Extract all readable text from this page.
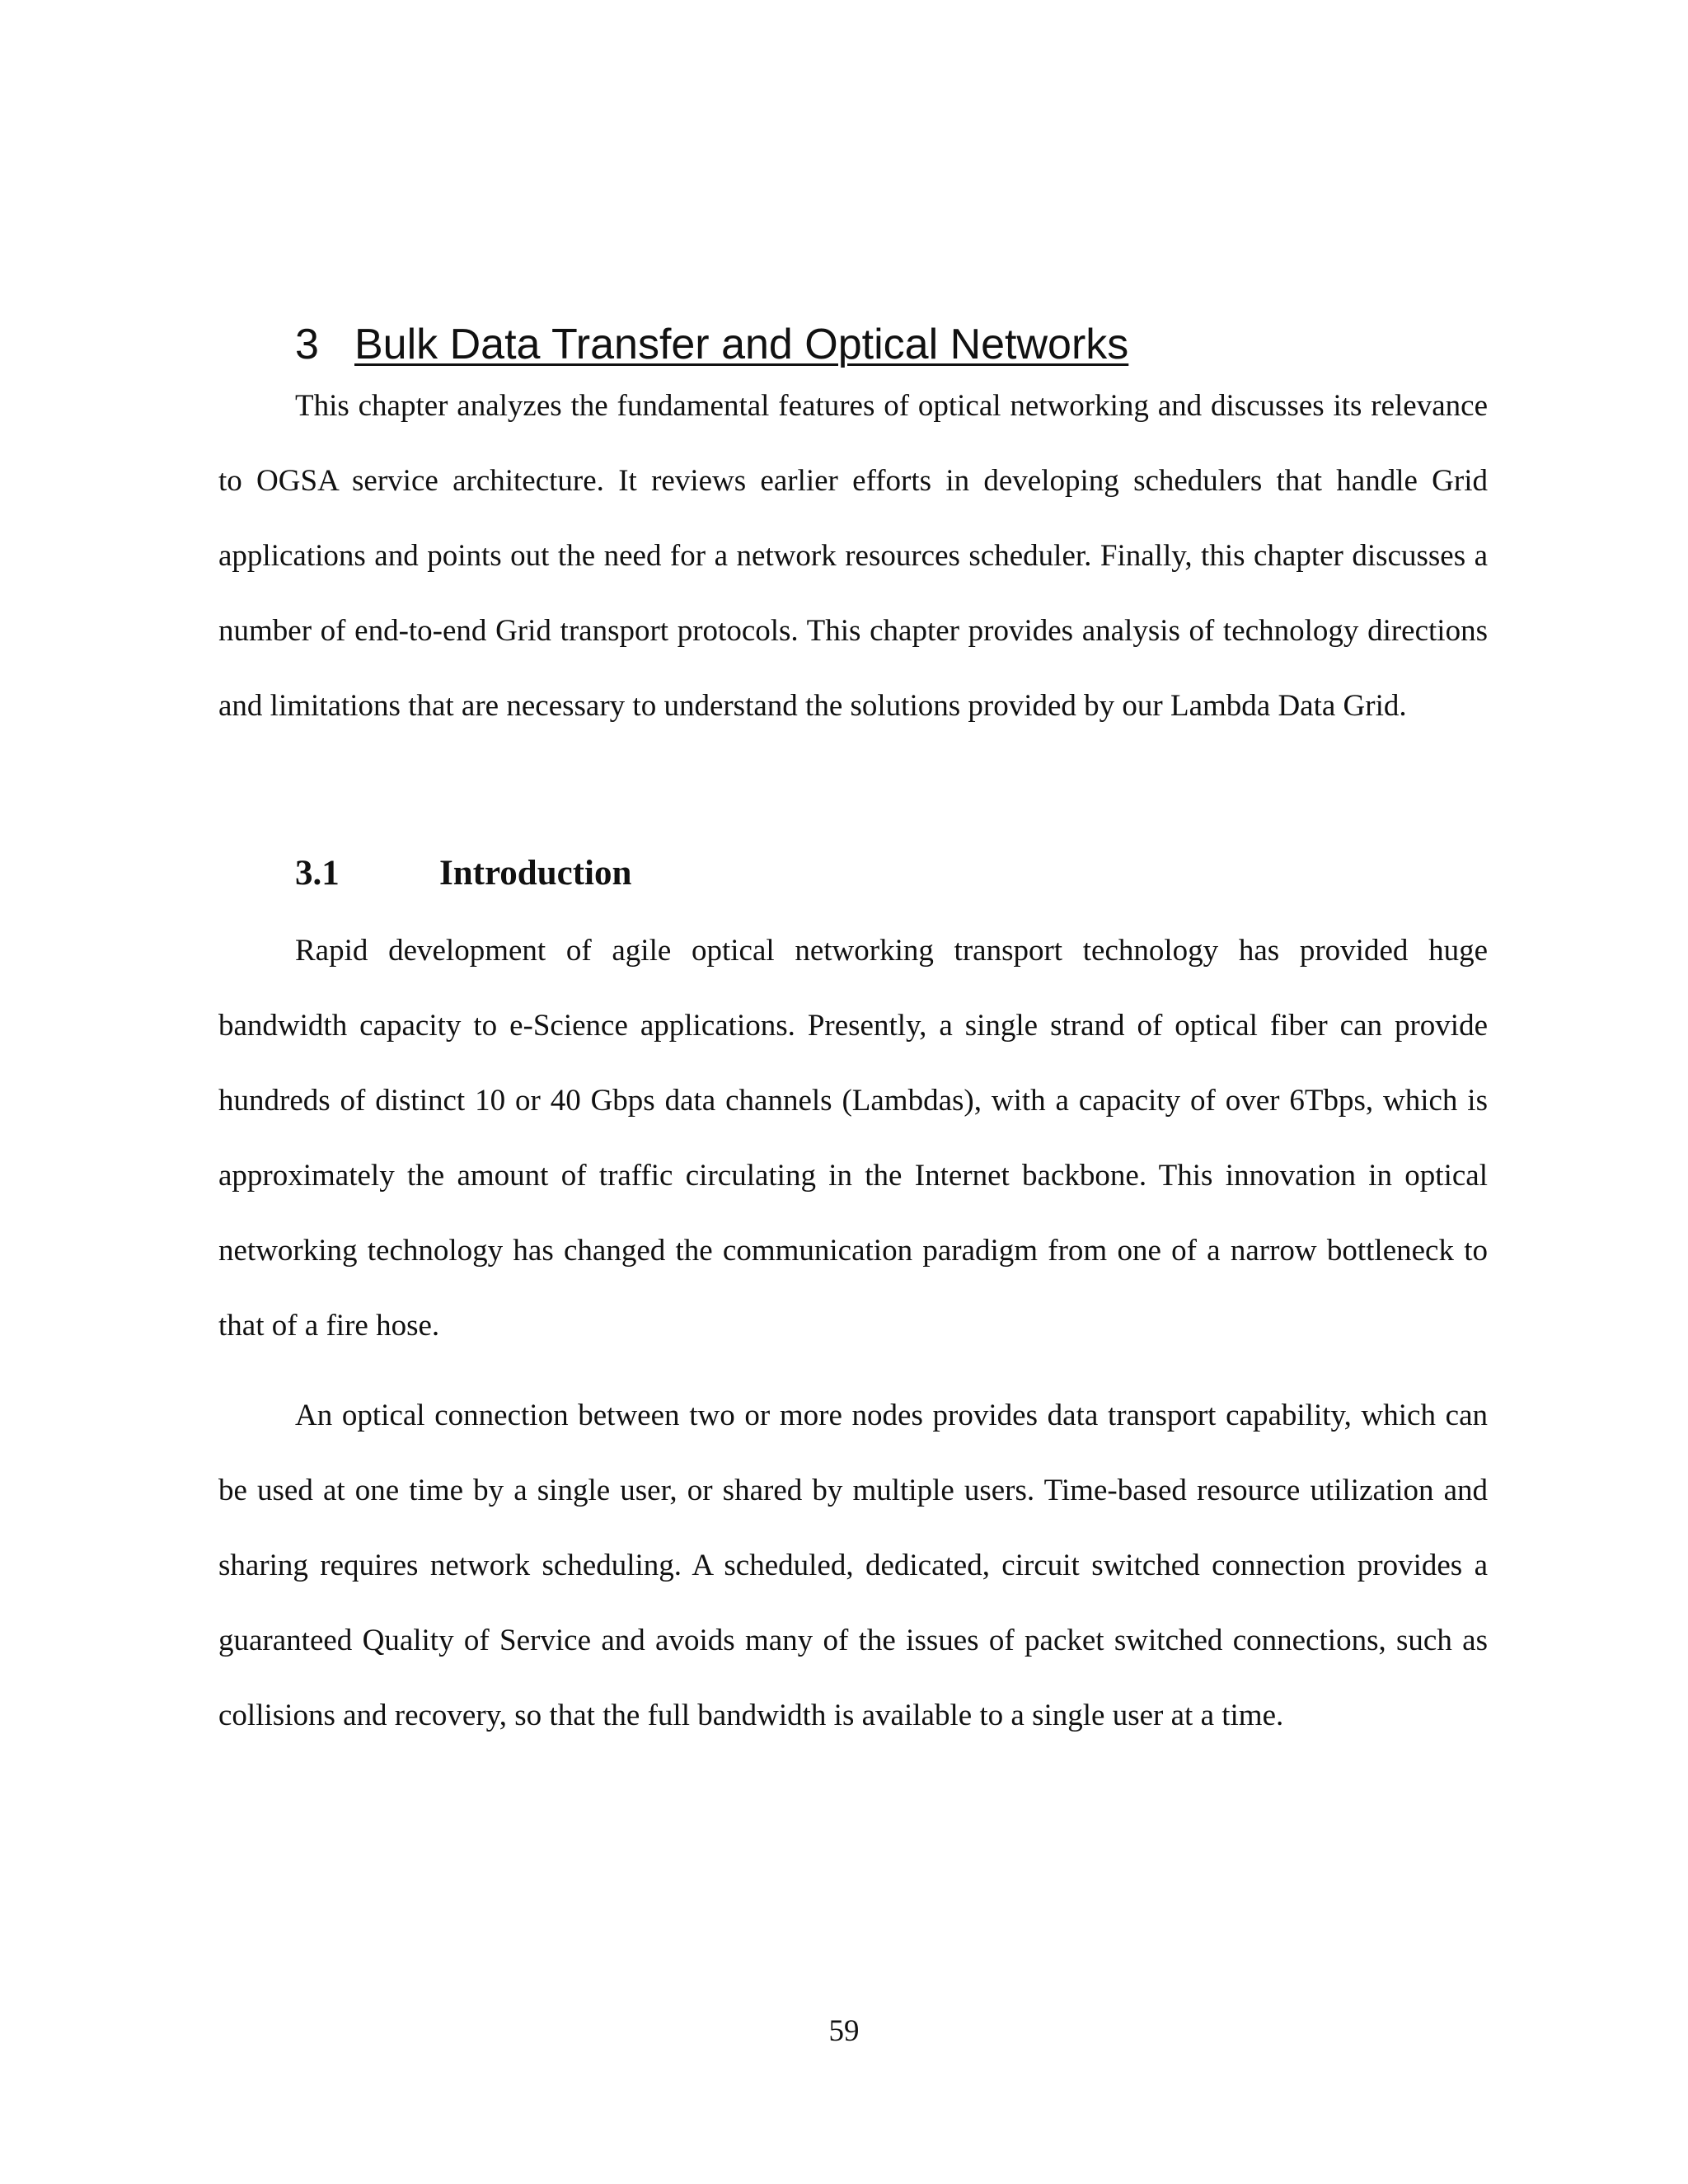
3 Bulk Data Transfer and Optical Networks

This chapter analyzes the fundamental features of optical networking and discusses its relevance to OGSA service architecture. It reviews earlier efforts in developing schedulers that handle Grid applications and points out the need for a network resources scheduler. Finally, this chapter discusses a number of end-to-end Grid transport protocols. This chapter provides analysis of technology directions and limitations that are necessary to understand the solutions provided by our Lambda Data Grid.

3.1	Introduction

Rapid development of agile optical networking transport technology has provided huge bandwidth capacity to e-Science applications. Presently, a single strand of optical fiber can provide hundreds of distinct 10 or 40 Gbps data channels (Lambdas), with a capacity of over 6Tbps, which is approximately the amount of traffic circulating in the Internet backbone. This innovation in optical networking technology has changed the communication paradigm from one of a narrow bottleneck to that of a fire hose.

An optical connection between two or more nodes provides data transport capability, which can be used at one time by a single user, or shared by multiple users. Time-based resource utilization and sharing requires network scheduling. A scheduled, dedicated, circuit switched connection provides a guaranteed Quality of Service and avoids many of the issues of packet switched connections, such as collisions and recovery, so that the full bandwidth is available to a single user at a time.

59
